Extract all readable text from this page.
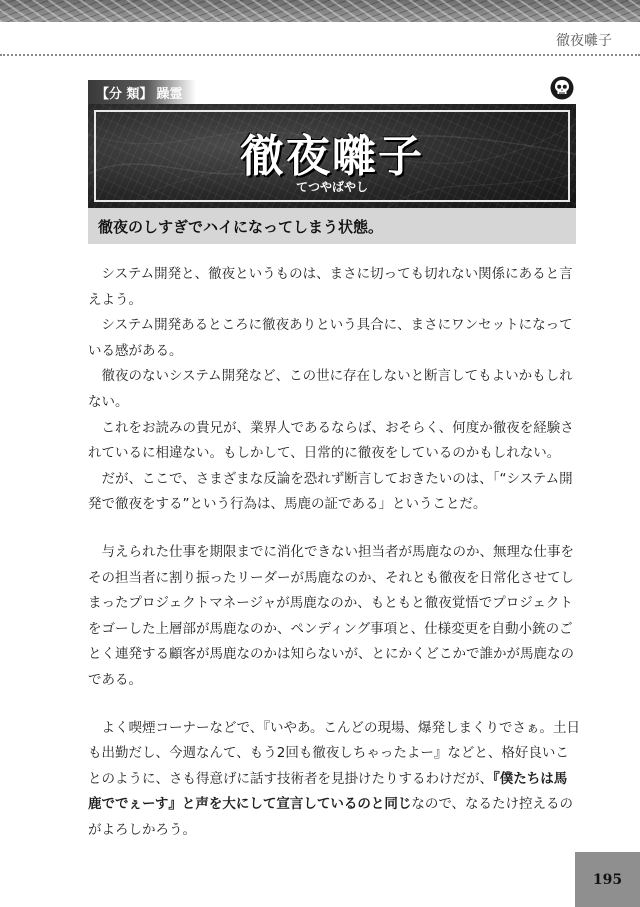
徹夜囃子
【分 類】 躁霊
徹夜囃子
てつやばやし
徹夜のしすぎでハイになってしまう状態。

システム開発と、徹夜というものは、まさに切っても切れない関係にあると言えよう。

システム開発あるところに徹夜ありという具合に、まさにワンセットになっている感がある。

徹夜のないシステム開発など、この世に存在しないと断言してもよいかもしれない。

これをお読みの貴兄が、業界人であるならば、おそらく、何度か徹夜を経験されているに相違ない。もしかして、日常的に徹夜をしているのかもしれない。

だが、ここで、さまざまな反論を恐れず断言しておきたいのは、「“システム開発で徹夜をする”という行為は、馬鹿の証である」ということだ。

与えられた仕事を期限までに消化できない担当者が馬鹿なのか、無理な仕事をその担当者に割り振ったリーダーが馬鹿なのか、それとも徹夜を日常化させてしまったプロジェクトマネージャが馬鹿なのか、もともと徹夜覚悟でプロジェクトをゴーした上層部が馬鹿なのか、ペンディング事項と、仕様変更を自動小銃のごとく連発する顧客が馬鹿なのかは知らないが、とにかくどこかで誰かが馬鹿なのである。

よく喫煙コーナーなどで、『いやあ。こんどの現場、爆発しまくりでさぁ。土日も出勤だし、今週なんて、もう2回も徹夜しちゃったよー』などと、格好良いことのように、さも得意げに話す技術者を見掛けたりするわけだが、『僕たちは馬鹿ででぇーす』と声を大にして宣言しているのと同じなので、なるたけ控えるのがよろしかろう。

195
